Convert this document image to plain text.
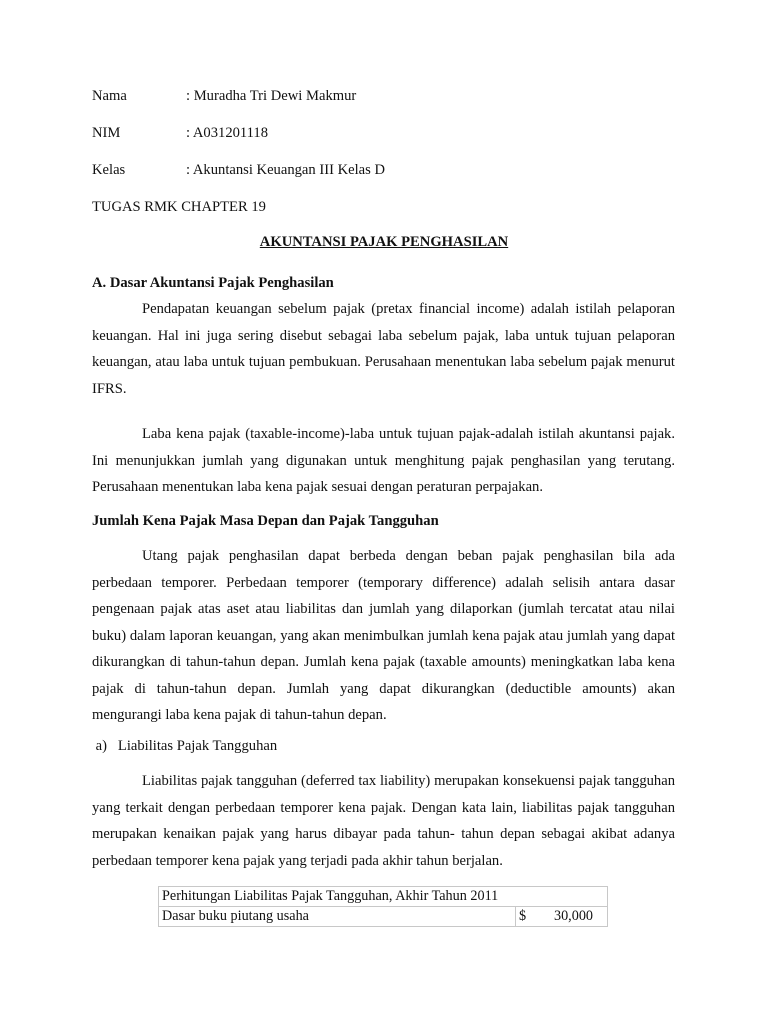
Nama	: Muradha Tri Dewi Makmur
NIM	: A031201118
Kelas	: Akuntansi Keuangan III Kelas D
TUGAS RMK CHAPTER 19
AKUNTANSI PAJAK PENGHASILAN
A. Dasar Akuntansi Pajak Penghasilan

Pendapatan keuangan sebelum pajak (pretax financial income) adalah istilah pelaporan keuangan. Hal ini juga sering disebut sebagai laba sebelum pajak, laba untuk tujuan pelaporan keuangan, atau laba untuk tujuan pembukuan. Perusahaan menentukan laba sebelum pajak menurut IFRS.

Laba kena pajak (taxable-income)-laba untuk tujuan pajak-adalah istilah akuntansi pajak. Ini menunjukkan jumlah yang digunakan untuk menghitung pajak penghasilan yang terutang. Perusahaan menentukan laba kena pajak sesuai dengan peraturan perpajakan.

Jumlah Kena Pajak Masa Depan dan Pajak Tangguhan

Utang pajak penghasilan dapat berbeda dengan beban pajak penghasilan bila ada perbedaan temporer. Perbedaan temporer (temporary difference) adalah selisih antara dasar pengenaan pajak atas aset atau liabilitas dan jumlah yang dilaporkan (jumlah tercatat atau nilai buku) dalam laporan keuangan, yang akan menimbulkan jumlah kena pajak atau jumlah yang dapat dikurangkan di tahun-tahun depan. Jumlah kena pajak (taxable amounts) meningkatkan laba kena pajak di tahun-tahun depan. Jumlah yang dapat dikurangkan (deductible amounts) akan mengurangi laba kena pajak di tahun-tahun depan.

a)   Liabilitas Pajak Tangguhan

Liabilitas pajak tangguhan (deferred tax liability) merupakan konsekuensi pajak tangguhan yang terkait dengan perbedaan temporer kena pajak. Dengan kata lain, liabilitas pajak tangguhan merupakan kenaikan pajak yang harus dibayar pada tahun- tahun depan sebagai akibat adanya perbedaan temporer kena pajak yang terjadi pada akhir tahun berjalan.

Perhitungan Liabilitas Pajak Tangguhan, Akhir Tahun 2011
Dasar buku piutang usaha	$	30,000
